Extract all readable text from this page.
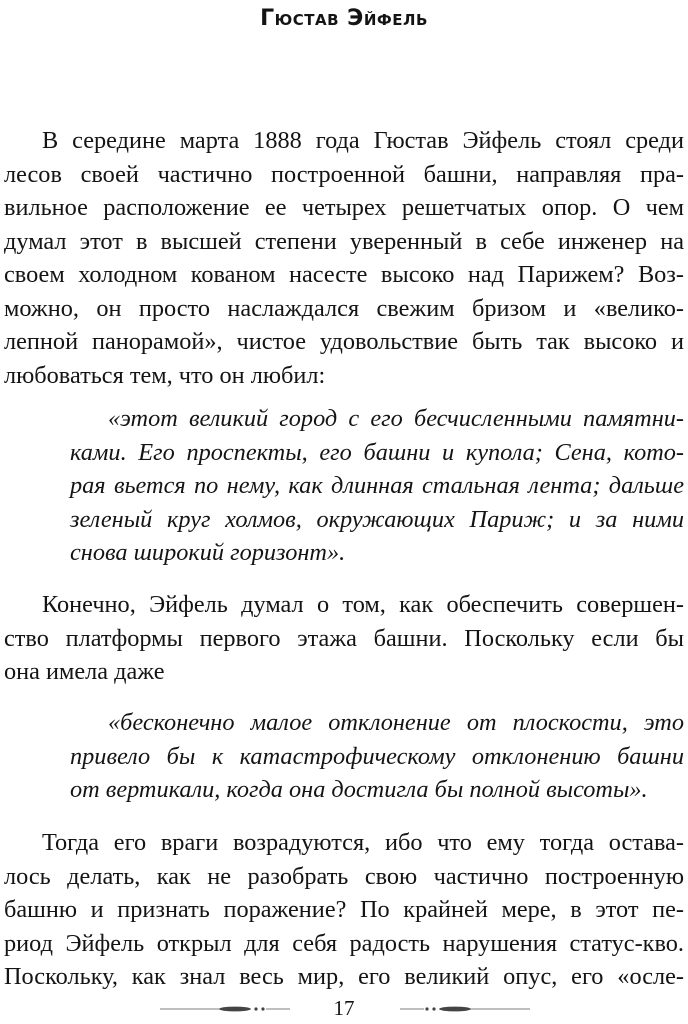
Гюстав Эйфель
В середине марта 1888 года Гюстав Эйфель стоял среди
лесов своей частично построенной башни, направляя пра-
вильное расположение ее четырех решетчатых опор. О чем
думал этот в высшей степени уверенный в себе инженер на
своем холодном кованом насесте высоко над Парижем? Воз-
можно, он просто наслаждался свежим бризом и «велико-
лепной панорамой», чистое удовольствие быть так высоко и
любоваться тем, что он любил:
«этот великий город с его бесчисленными памятни-
ками. Его проспекты, его башни и купола; Сена, кото-
рая вьется по нему, как длинная стальная лента; дальше
зеленый круг холмов, окружающих Париж; и за ними
снова широкий горизонт».
Конечно, Эйфель думал о том, как обеспечить совершен-
ство платформы первого этажа башни. Поскольку если бы
она имела даже
«бесконечно малое отклонение от плоскости, это
привело бы к катастрофическому отклонению башни
от вертикали, когда она достигла бы полной высоты».
Тогда его враги возрадуются, ибо что ему тогда остава-
лось делать, как не разобрать свою частично построенную
башню и признать поражение? По крайней мере, в этот пе-
риод Эйфель открыл для себя радость нарушения статус-кво.
Поскольку, как знал весь мир, его великий опус, его «осле-
17
